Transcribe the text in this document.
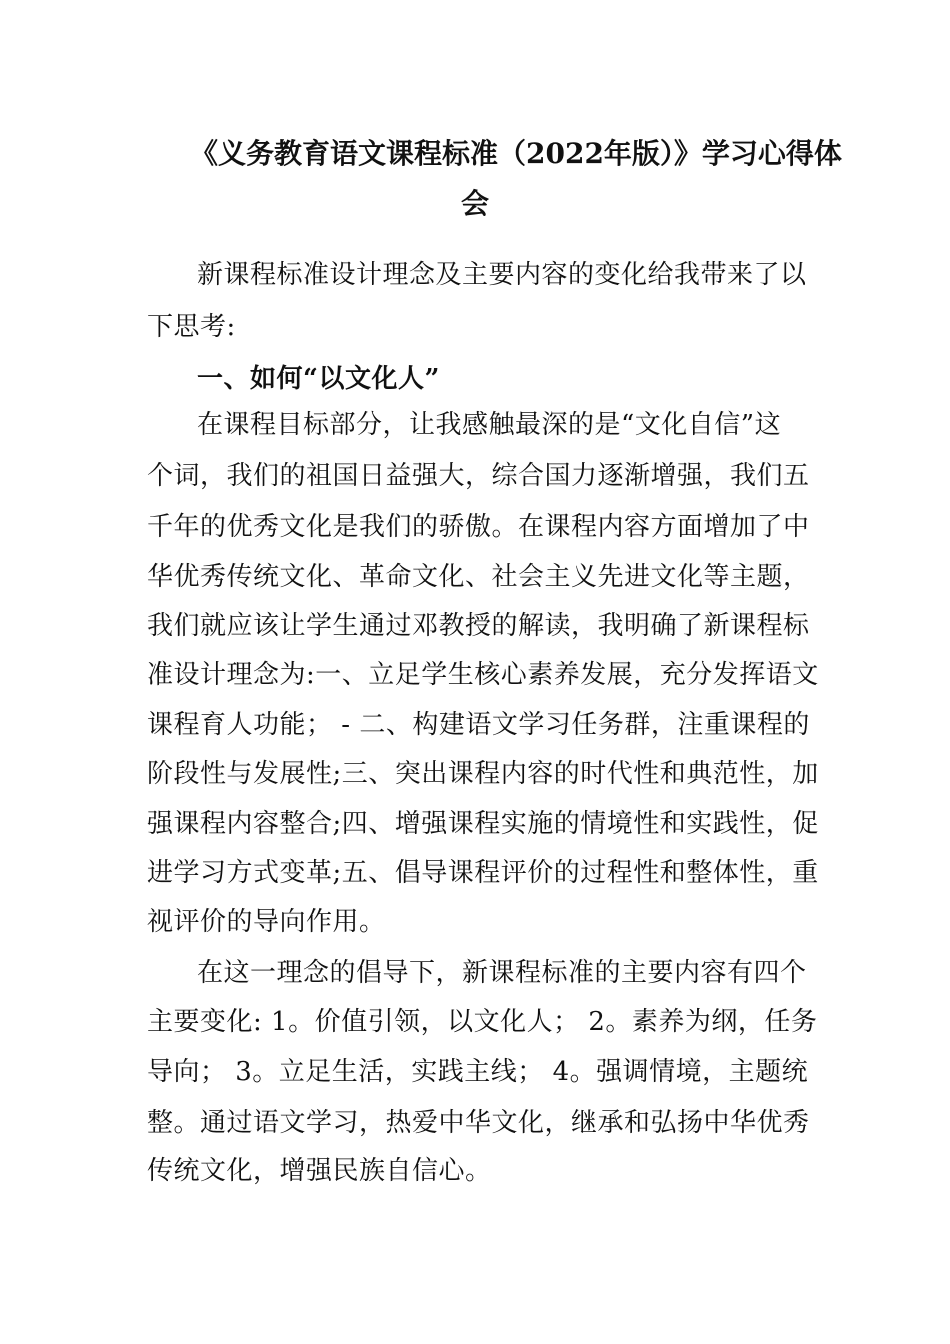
《义务教育语文课程标准（2022年版）》学习心得体
会
新课程标准设计理念及主要内容的变化给我带来了以
下思考:
一、如何“以文化人”
在课程目标部分，让我感触最深的是“文化自信”这
个词，我们的祖国日益强大，综合国力逐渐增强，我们五
千年的优秀文化是我们的骄傲。在课程内容方面增加了中
华优秀传统文化、革命文化、社会主义先进文化等主题，
我们就应该让学生通过邓教授的解读，我明确了新课程标
准设计理念为:一、立足学生核心素养发展，充分发挥语文
课程育人功能； - 二、构建语文学习任务群，注重课程的
阶段性与发展性;三、突出课程内容的时代性和典范性，加
强课程内容整合;四、增强课程实施的情境性和实践性，促
进学习方式变革;五、倡导课程评价的过程性和整体性，重
视评价的导向作用。
在这一理念的倡导下，新课程标准的主要内容有四个
主要变化: 1。价值引领，以文化人； 2。素养为纲，任务
导向； 3。立足生活，实践主线； 4。强调情境，主题统
整。通过语文学习，热爱中华文化，继承和弘扬中华优秀
传统文化，增强民族自信心。
